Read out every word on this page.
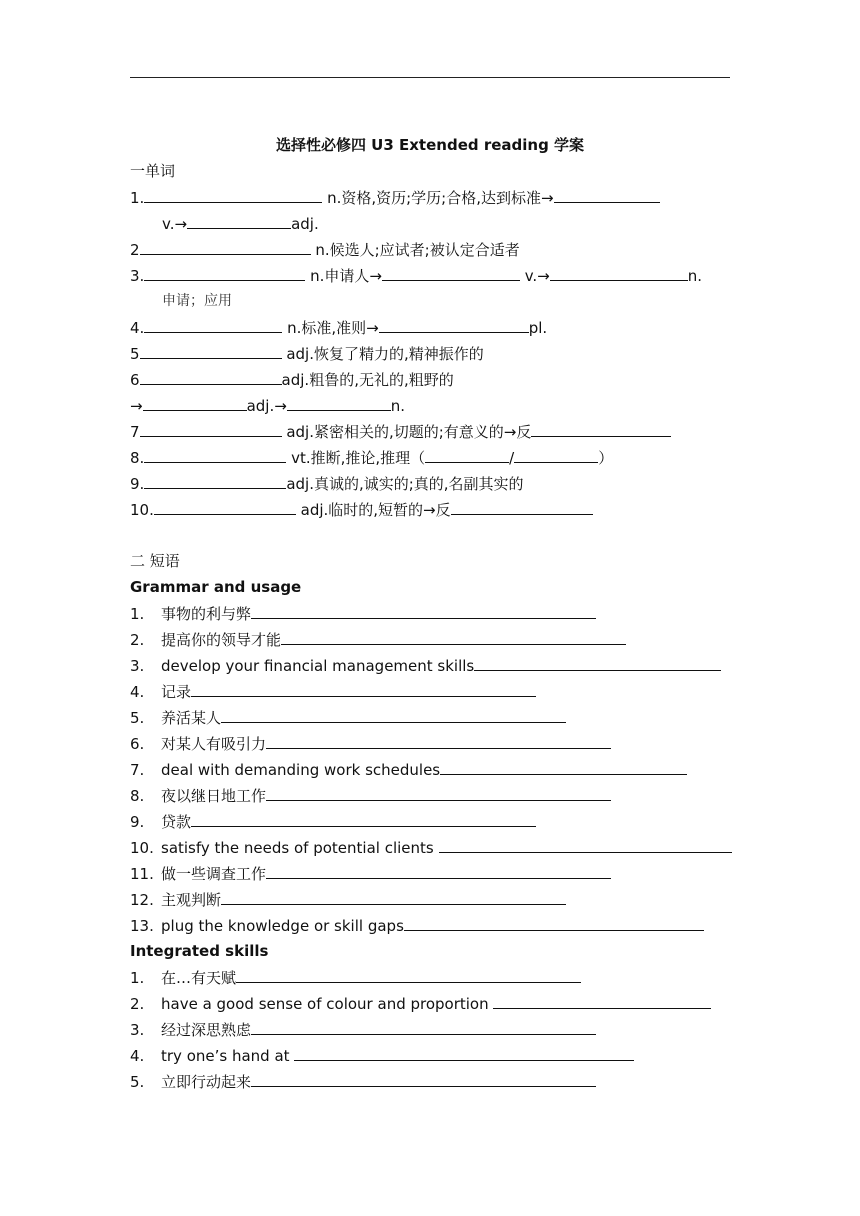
选择性必修四 U3 Extended reading 学案
一单词
1.	n.资格,资历;学历;合格,达到标准→
v.→	adj.
2	n.候选人;应试者;被认定合适者
3.	n.申请人→	v.→	n.
申请；应用
4.	n.标准,准则→	pl.
5	adj.恢复了精力的,精神振作的
6	adj.粗鲁的,无礼的,粗野的
→	adj.→	n.
7	adj.紧密相关的,切题的;有意义的→反
8.	vt.推断,推论,推理（	/	）
9.	adj.真诚的,诚实的;真的,名副其实的
10.	adj.临时的,短暂的→反
二 短语
Grammar and usage
1. 事物的利与弊
2. 提高你的领导才能
3. develop your financial management skills
4. 记录
5. 养活某人
6. 对某人有吸引力
7. deal with demanding work schedules
8. 夜以继日地工作
9. 贷款
10. satisfy the needs of potential clients
11. 做一些调查工作
12. 主观判断
13. plug the knowledge or skill gaps
Integrated skills
1. 在…有天赋
2. have a good sense of colour and proportion
3. 经过深思熟虑
4. try one’s hand at
5. 立即行动起来
